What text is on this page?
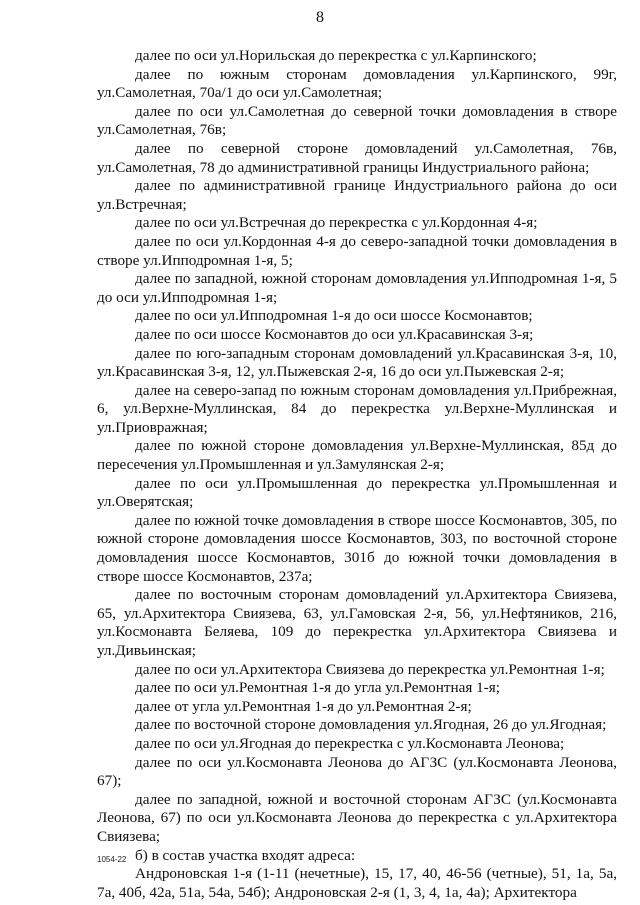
8

далее по оси ул.Норильская до перекрестка с ул.Карпинского;

далее по южным сторонам домовладения ул.Карпинского, 99г, ул.Самолетная, 70а/1 до оси ул.Самолетная;

далее по оси ул.Самолетная до северной точки домовладения в створе ул.Самолетная, 76в;

далее по северной стороне домовладений ул.Самолетная, 76в, ул.Самолетная, 78 до административной границы Индустриального района;

далее по административной границе Индустриального района до оси ул.Встречная;

далее по оси ул.Встречная до перекрестка с ул.Кордонная 4-я;

далее по оси ул.Кордонная 4-я до северо-западной точки домовладения в створе ул.Ипподромная 1-я, 5;

далее по западной, южной сторонам домовладения ул.Ипподромная 1-я, 5 до оси ул.Ипподромная 1-я;

далее по оси ул.Ипподромная 1-я до оси шоссе Космонавтов;

далее по оси шоссе Космонавтов до оси ул.Красавинская 3-я;

далее по юго-западным сторонам домовладений ул.Красавинская 3-я, 10, ул.Красавинская 3-я, 12, ул.Пыжевская 2-я, 16 до оси ул.Пыжевская 2-я;

далее на северо-запад по южным сторонам домовладения ул.Прибрежная, 6, ул.Верхне-Муллинская, 84 до перекрестка ул.Верхне-Муллинская и ул.Приовражная;

далее по южной стороне домовладения ул.Верхне-Муллинская, 85д до пересечения ул.Промышленная и ул.Замулянская 2-я;

далее по оси ул.Промышленная до перекрестка ул.Промышленная и ул.Оверятская;

далее по южной точке домовладения в створе шоссе Космонавтов, 305, по южной стороне домовладения шоссе Космонавтов, 303, по восточной стороне домовладения шоссе Космонавтов, 301б до южной точки домовладения в створе шоссе Космонавтов, 237а;

далее по восточным сторонам домовладений ул.Архитектора Свиязева, 65, ул.Архитектора Свиязева, 63, ул.Гамовская 2-я, 56, ул.Нефтяников, 216, ул.Космонавта Беляева, 109 до перекрестка ул.Архитектора Свиязева и ул.Дивьинская;

далее по оси ул.Архитектора Свиязева до перекрестка ул.Ремонтная 1-я;

далее по оси ул.Ремонтная 1-я до угла ул.Ремонтная 1-я;

далее от угла ул.Ремонтная 1-я до ул.Ремонтная 2-я;

далее по восточной стороне домовладения ул.Ягодная, 26 до ул.Ягодная;

далее по оси ул.Ягодная до перекрестка с ул.Космонавта Леонова;

далее по оси ул.Космонавта Леонова до АГЗС (ул.Космонавта Леонова, 67);

далее по западной, южной и восточной сторонам АГЗС (ул.Космонавта Леонова, 67) по оси ул.Космонавта Леонова до перекрестка с ул.Архитектора Свиязева;

б) в состав участка входят адреса:

Андроновская 1-я (1-11 (нечетные), 15, 17, 40, 46-56 (четные), 51, 1а, 5а, 7а, 40б, 42а, 51а, 54а, 54б); Андроновская 2-я (1, 3, 4, 1а, 4а); Архитектора

1054-22
